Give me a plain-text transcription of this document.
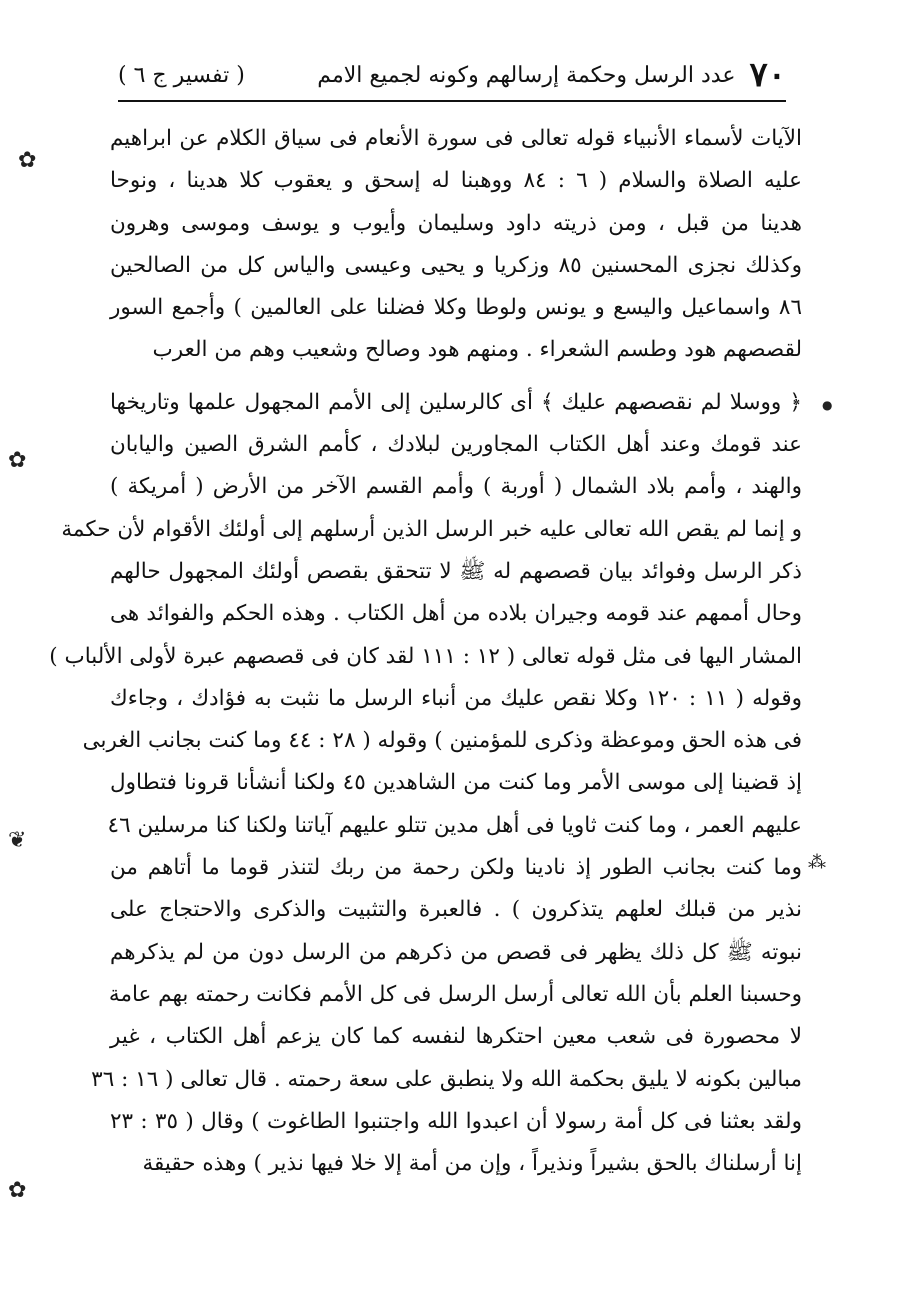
٧٠
عدد الرسل وحكمة إرسالهم وكونه لجميع الامم
( تفسير ج ٦ )
الآيات لأسماء الأنبياء قوله تعالى فى سورة الأنعام فى سياق الكلام عن ابراهيم
عليه الصلاة والسلام ( ٦ : ٨٤ ووهبنا له إسحق و يعقوب كلا هدينا ، ونوحا
هدينا من قبل ، ومن ذريته داود وسليمان وأيوب و يوسف وموسى وهرون
وكذلك نجزى المحسنين ٨٥ وزكريا و يحيى وعيسى والياس كل من الصالحين
٨٦ واسماعيل واليسع و يونس ولوطا وكلا فضلنا على العالمين ) وأجمع السور
لقصصهم هود وطسم الشعراء . ومنهم هود وصالح وشعيب وهم من العرب
﴿ ووسلا لم نقصصهم عليك ﴾ أى كالرسلين إلى الأمم المجهول علمها وتاريخها
عند قومك وعند أهل الكتاب المجاورين لبلادك ، كأمم الشرق الصين واليابان
والهند ، وأمم بلاد الشمال ( أوربة ) وأمم القسم الآخر من الأرض ( أمريكة )
و إنما لم يقص الله تعالى عليه خبر الرسل الذين أرسلهم إلى أولئك الأقوام لأن حكمة
ذكر الرسل وفوائد بيان قصصهم له ﷺ لا تتحقق بقصص أولئك المجهول حالهم
وحال أممهم عند قومه وجيران بلاده من أهل الكتاب . وهذه الحكم والفوائد هى
المشار اليها فى مثل قوله تعالى ( ١٢ : ١١١ لقد كان فى قصصهم عبرة لأولى الألباب )
وقوله ( ١١ : ١٢٠ وكلا نقص عليك من أنباء الرسل ما نثبت به فؤادك ، وجاءك
فى هذه الحق وموعظة وذكرى للمؤمنين ) وقوله ( ٢٨ : ٤٤ وما كنت بجانب الغربى
إذ قضينا إلى موسى الأمر وما كنت من الشاهدين ٤٥ ولكنا أنشأنا قرونا فتطاول
عليهم العمر ، وما كنت ثاويا فى أهل مدين تتلو عليهم آياتنا ولكنا كنا مرسلين ٤٦
وما كنت بجانب الطور إذ نادينا ولكن رحمة من ربك لتنذر قوما ما أتاهم من
نذير من قبلك لعلهم يتذكرون ) . فالعبرة والتثبيت والذكرى والاحتجاج على
نبوته ﷺ كل ذلك يظهر فى قصص من ذكرهم من الرسل دون من لم يذكرهم
وحسبنا العلم بأن الله تعالى أرسل الرسل فى كل الأمم فكانت رحمته بهم عامة
لا محصورة فى شعب معين احتكرها لنفسه كما كان يزعم أهل الكتاب ، غير
مبالين بكونه لا يليق بحكمة الله ولا ينطبق على سعة رحمته . قال تعالى ( ١٦ : ٣٦
ولقد بعثنا فى كل أمة رسولا أن اعبدوا الله واجتنبوا الطاغوت ) وقال ( ٣٥ : ٢٣
إنا أرسلناك بالحق بشيراً ونذيراً ، وإن من أمة إلا خلا فيها نذير ) وهذه حقيقة
✿
●
✿
❦
⁂
✿
